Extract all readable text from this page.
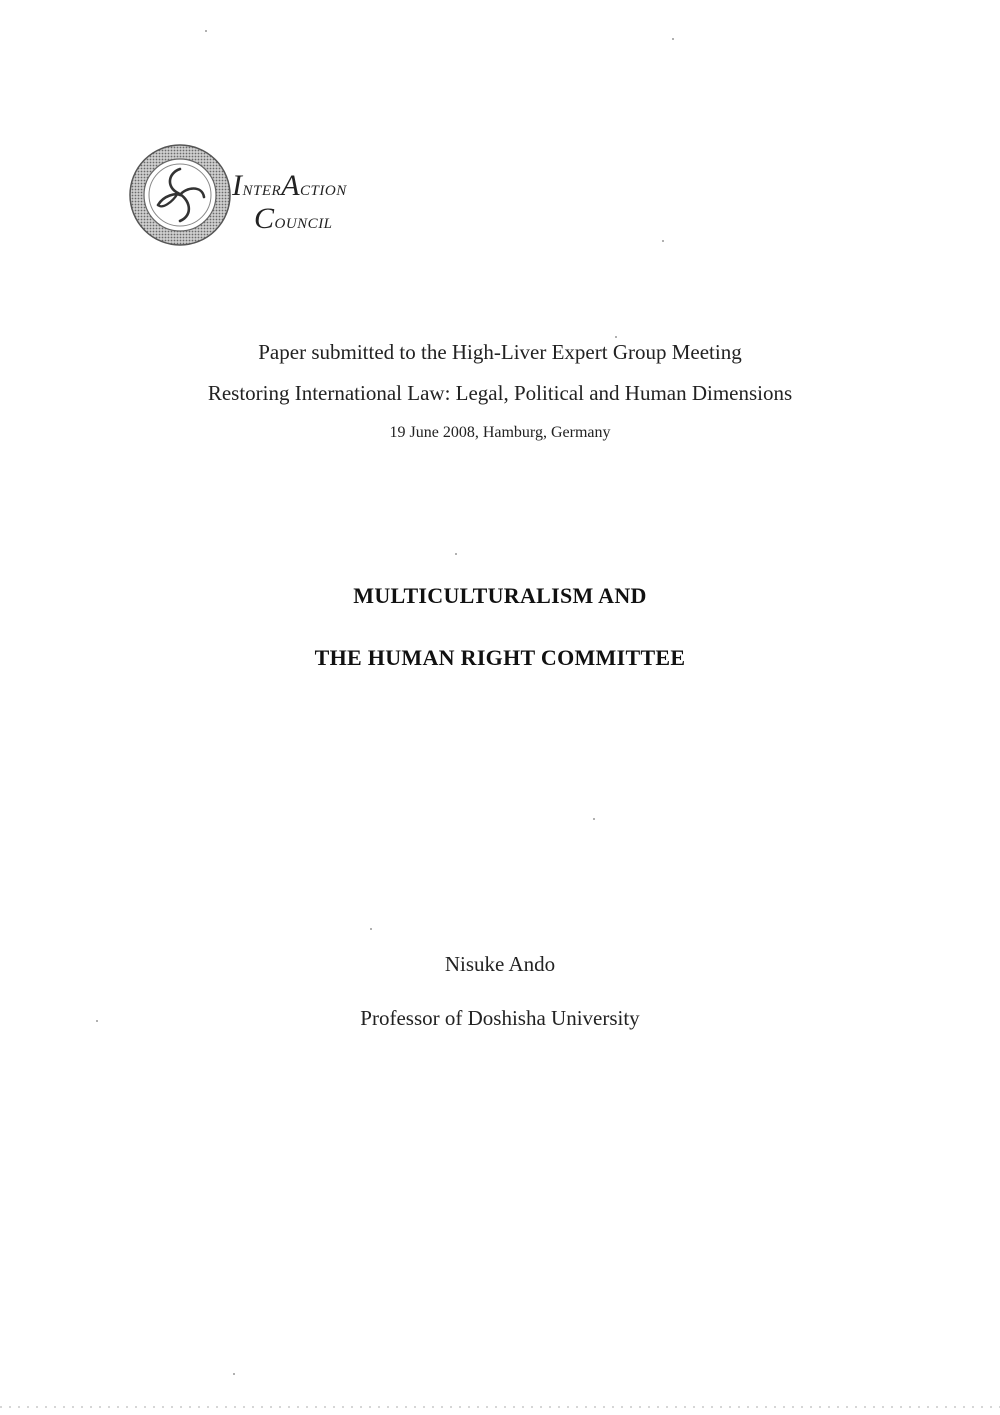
InterAction
Council
Paper submitted to the High-Liver Expert Group Meeting
Restoring International Law: Legal, Political and Human Dimensions
19 June 2008, Hamburg, Germany
MULTICULTURALISM AND
THE HUMAN RIGHT COMMITTEE
Nisuke Ando
Professor of Doshisha University
